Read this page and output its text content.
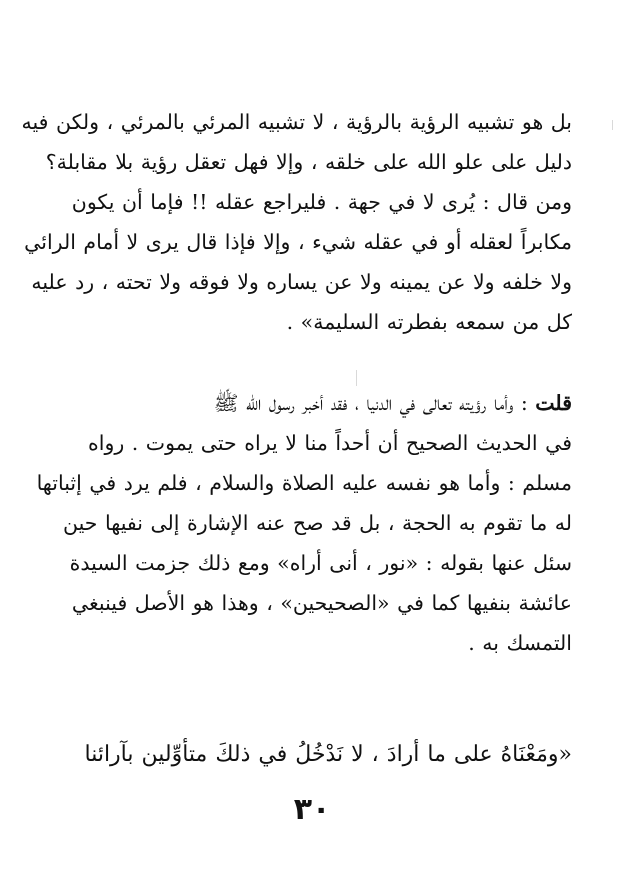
بل هو تشبيه الرؤية بالرؤية ، لا تشبيه المرئي بالمرئي ، ولكن فيه
دليل على علو الله على خلقه ، وإلا فهل تعقل رؤية بلا مقابلة؟
ومن قال : يُرى لا في جهة . فليراجع عقله !! فإما أن يكون
مكابراً لعقله أو في عقله شيء ، وإلا فإذا قال يرى لا أمام الرائي
ولا خلفه ولا عن يمينه ولا عن يساره ولا فوقه ولا تحته ، رد عليه
كل من سمعه بفطرته السليمة» .
قلت : وأما رؤيته تعالى في الدنيا ، فقد أخبر رسول الله ﷺ
في الحديث الصحيح أن أحداً منا لا يراه حتى يموت . رواه
مسلم : وأما هو نفسه عليه الصلاة والسلام ، فلم يرد في إثباتها
له ما تقوم به الحجة ، بل قد صح عنه الإشارة إلى نفيها حين
سئل عنها بقوله : «نور ، أنى أراه» ومع ذلك جزمت السيدة
عائشة بنفيها كما في «الصحيحين» ، وهذا هو الأصل فينبغي
التمسك به .
«ومَعْنَاهُ على ما أرادَ ، لا نَدْخُلُ في ذلكَ متأوِّلين بآرائنا
٣٠
